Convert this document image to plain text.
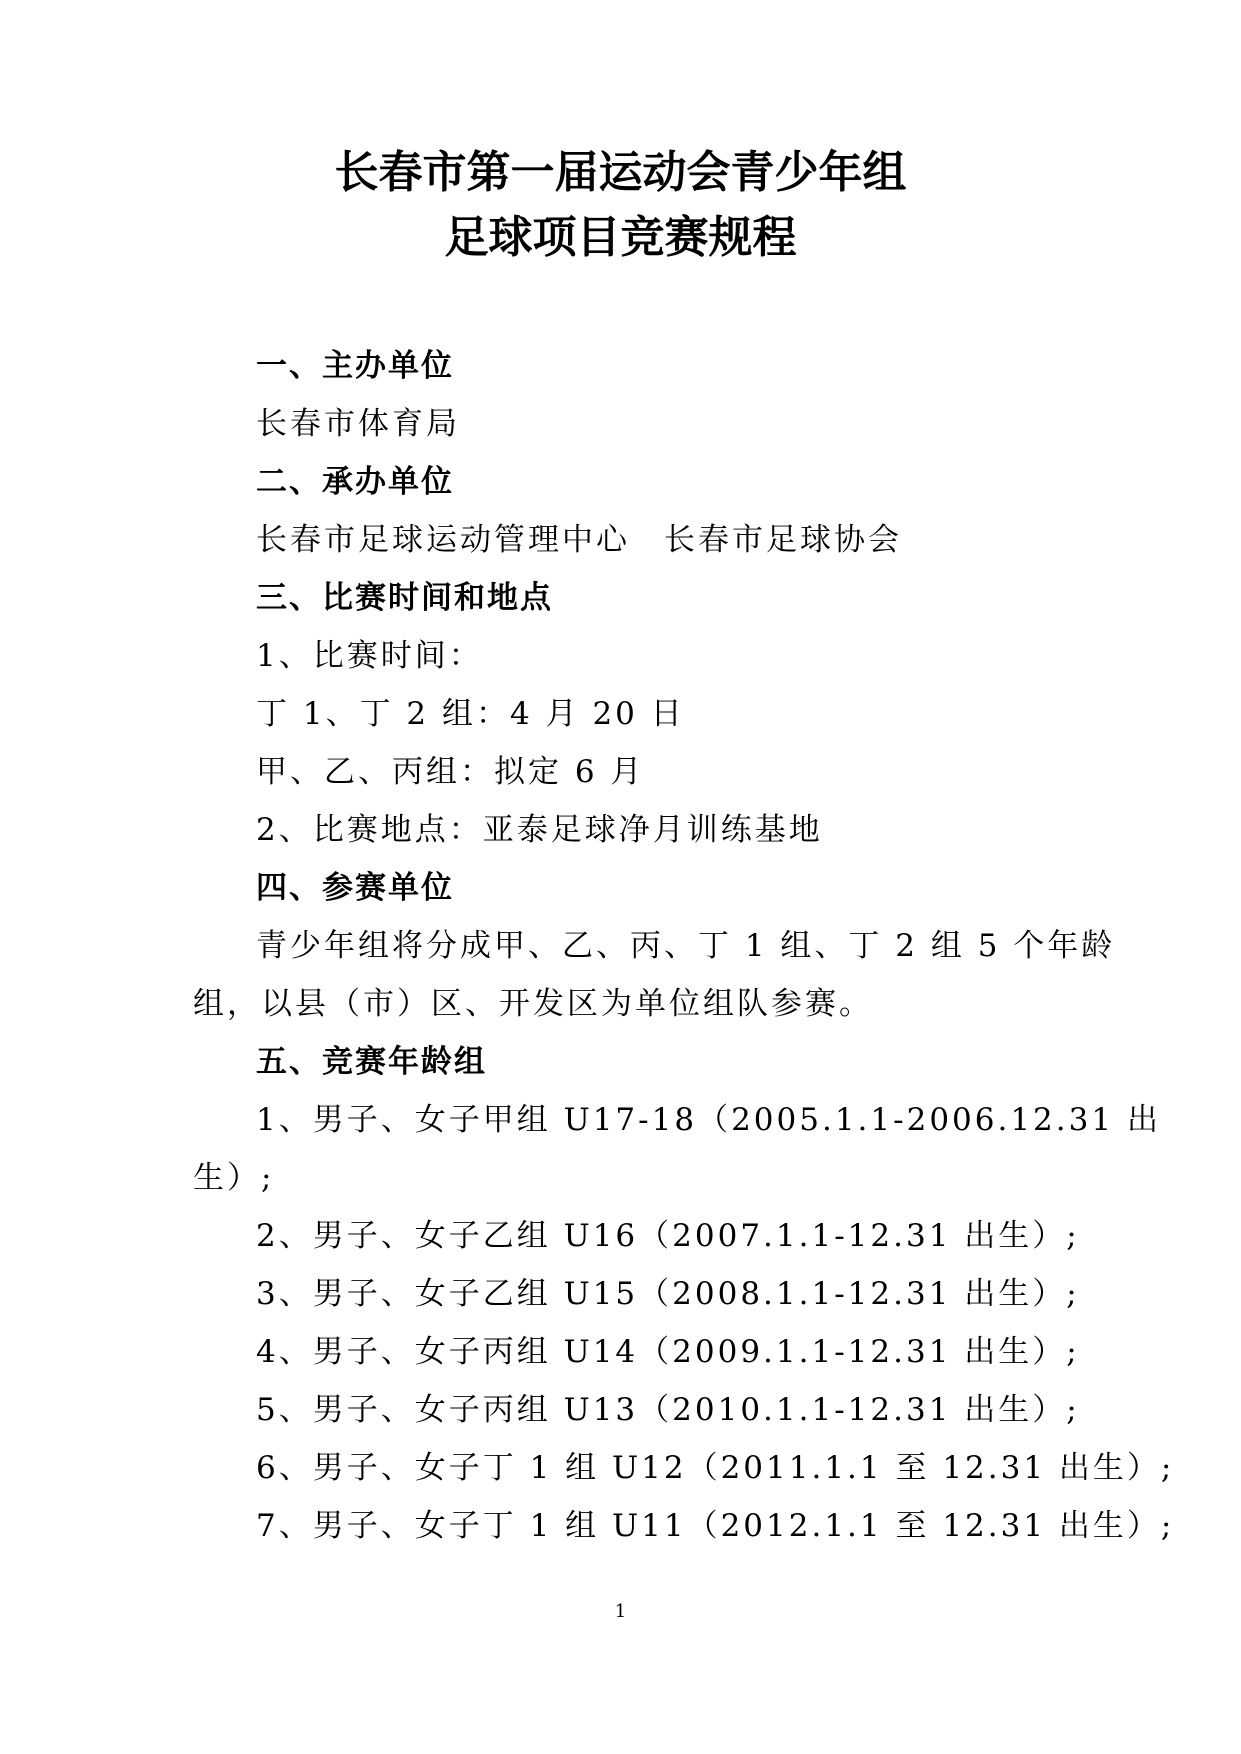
长春市第一届运动会青少年组
足球项目竞赛规程
一、主办单位
长春市体育局
二、承办单位
长春市足球运动管理中心　长春市足球协会
三、比赛时间和地点
1、比赛时间：
丁 1、丁 2 组：4 月 20 日
甲、乙、丙组：拟定 6 月
2、比赛地点：亚泰足球净月训练基地
四、参赛单位
青少年组将分成甲、乙、丙、丁 1 组、丁 2 组 5 个年龄
组，以县（市）区、开发区为单位组队参赛。
五、竞赛年龄组
1、男子、女子甲组 U17-18（2005.1.1-2006.12.31 出
生）;
2、男子、女子乙组 U16（2007.1.1-12.31 出生）;
3、男子、女子乙组 U15（2008.1.1-12.31 出生）;
4、男子、女子丙组 U14（2009.1.1-12.31 出生）;
5、男子、女子丙组 U13（2010.1.1-12.31 出生）;
6、男子、女子丁 1 组 U12（2011.1.1 至 12.31 出生）;
7、男子、女子丁 1 组 U11（2012.1.1 至 12.31 出生）;
1
